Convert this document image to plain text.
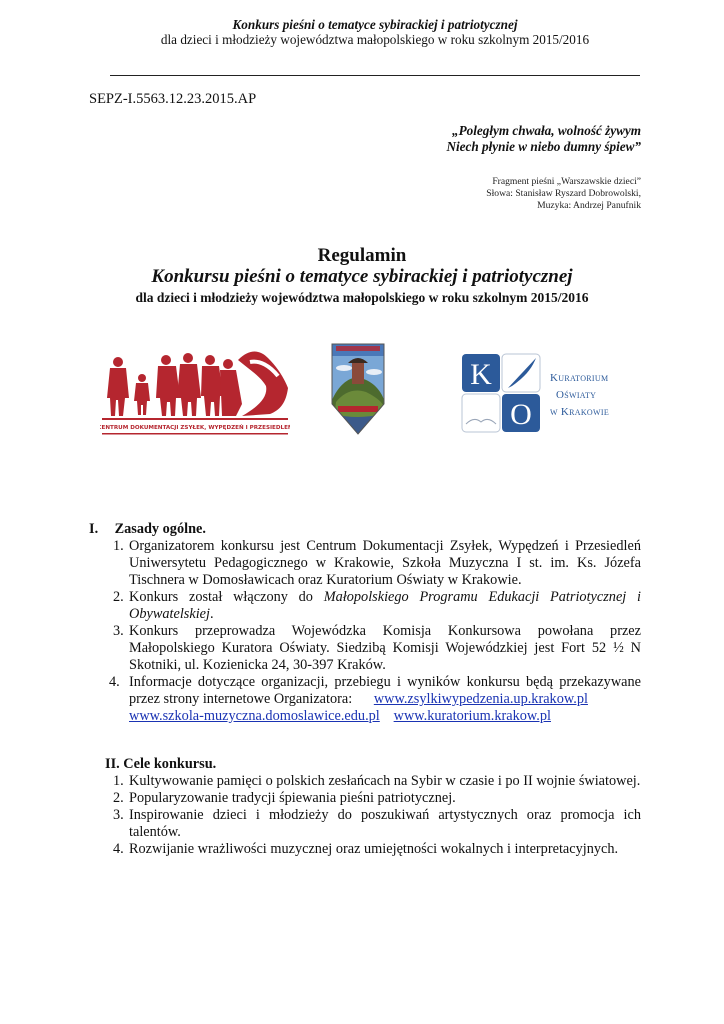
Konkurs pieśni o tematyce sybirackiej i patriotycznej
dla dzieci i młodzieży województwa małopolskiego w roku szkolnym 2015/2016
SEPZ-I.5563.12.23.2015.AP
„Poległym chwała, wolność żywym
Niech płynie w niebo dumny śpiew”
Fragment pieśni „Warszawskie dzieci”
Słowa: Stanisław Ryszard Dobrowolski,
Muzyka: Andrzej Panufnik
Regulamin
Konkursu pieśni o tematyce sybirackiej i patriotycznej
dla dzieci i młodzieży województwa małopolskiego w roku szkolnym 2015/2016
CENTRUM DOKUMENTACJI ZSYŁEK, WYPĘDZEŃ I PRZESIEDLEŃ
K
O
Kuratorium
Oświaty
w Krakowie
I. Zasady ogólne.
1. Organizatorem konkursu jest Centrum Dokumentacji Zsyłek, Wypędzeń i Przesiedleń Uniwersytetu Pedagogicznego w Krakowie, Szkoła Muzyczna I st. im. Ks. Józefa Tischnera w Domosławicach oraz Kuratorium Oświaty w Krakowie.
2. Konkurs został włączony do Małopolskiego Programu Edukacji Patriotycznej i Obywatelskiej.
3. Konkurs przeprowadza Wojewódzka Komisja Konkursowa powołana przez Małopolskiego Kuratora Oświaty. Siedzibą Komisji Wojewódzkiej jest Fort 52 ½ N Skotniki, ul. Kozienicka 24, 30-397 Kraków.
4. Informacje dotyczące organizacji, przebiegu i wyników konkursu będą przekazywane przez strony internetowe Organizatora: www.zsylkiwypedzenia.up.krakow.pl
www.szkola-muzyczna.domoslawice.edu.pl www.kuratorium.krakow.pl
II. Cele konkursu.
1. Kultywowanie pamięci o polskich zesłańcach na Sybir w czasie i po II wojnie światowej.
2. Popularyzowanie tradycji śpiewania pieśni patriotycznej.
3. Inspirowanie dzieci i młodzieży do poszukiwań artystycznych oraz promocja ich talentów.
4. Rozwijanie wrażliwości muzycznej oraz umiejętności wokalnych i interpretacyjnych.
